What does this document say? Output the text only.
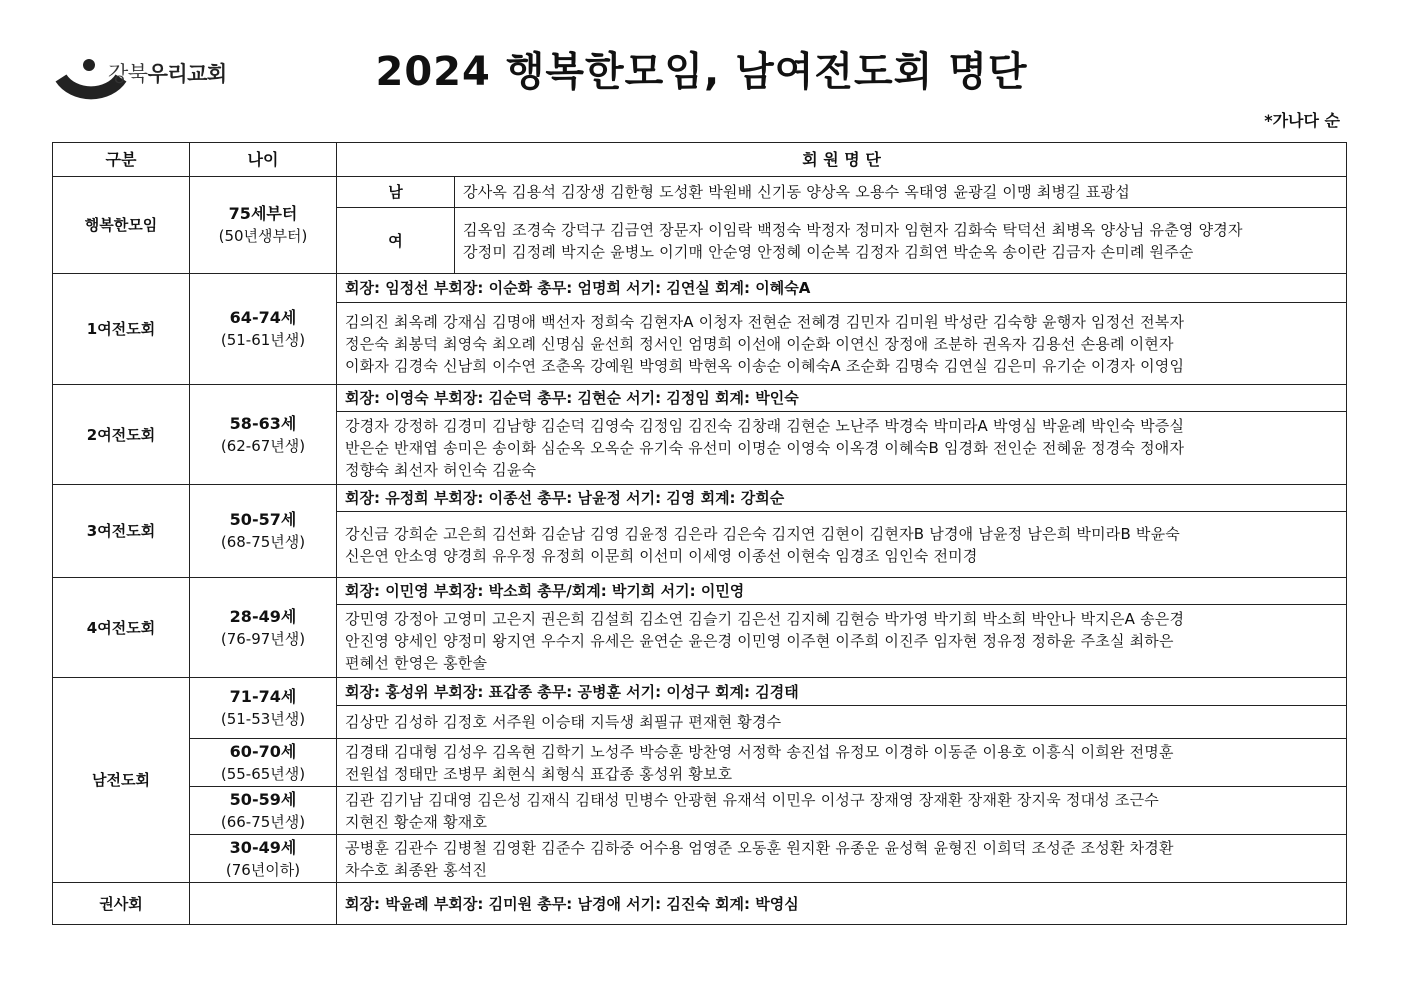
강북우리교회	2024 행복한모임, 남여전도회 명단
*가나다 순
구분	나이	회 원 명 단	
행복한모임	75세부터
(50년생부터)	남	강사옥 김용석 김장생 김한형 도성환 박원배 신기동 양상옥 오용수 옥태영 윤광길 이맹 최병길 표광섭

		여	김옥임 조경숙 강덕구 김금연 장문자 이임락 백정숙 박정자 정미자 임현자 김화숙 탁덕선 최병옥 양상님 유춘영 양경자
강정미 김정례 박지순 윤병노 이기매 안순영 안정혜 이순복 김정자 김희연 박순옥 송이란 김금자 손미례 원주순

1여전도회	64-74세
(51-61년생)	회장: 임정선 부회장: 이순화 총무: 엄명희 서기: 김연실 회계: 이혜숙A	

		김의진 최옥례 강재심 김명애 백선자 정희숙 김현자A 이청자 전현순 전혜경 김민자 김미원 박성란 김숙향 윤행자 임정선 전복자
정은숙 최봉덕 최영숙 최오례 신명심 윤선희 정서인 엄명희 이선애 이순화 이연신 장정애 조분하 권옥자 김용선 손용례 이현자
이화자 김경숙 신남희 이수연 조춘옥 강예원 박영희 박현옥 이송순 이혜숙A 조순화 김명숙 김연실 김은미 유기순 이경자 이영임	

2여전도회	58-63세
(62-67년생)	회장: 이영숙 부회장: 김순덕 총무: 김현순 서기: 김정임 회계: 박인숙	

		강경자 강정하 김경미 김남향 김순덕 김영숙 김정임 김진숙 김창래 김현순 노난주 박경숙 박미라A 박영심 박윤례 박인숙 박증실
반은순 반재엽 송미은 송이화 심순옥 오옥순 유기숙 유선미 이명순 이영숙 이옥경 이혜숙B 임경화 전인순 전혜윤 정경숙 정애자
정향숙 최선자 허인숙 김윤숙	

3여전도회	50-57세
(68-75년생)	회장: 유정희 부회장: 이종선 총무: 남윤정 서기: 김영 회계: 강희순	

		강신금 강희순 고은희 김선화 김순남 김영 김윤정 김은라 김은숙 김지연 김현이 김현자B 남경애 남윤정 남은희 박미라B 박윤숙
신은연 안소영 양경희 유우정 유정희 이문희 이선미 이세영 이종선 이현숙 임경조 임인숙 전미경	

4여전도회	28-49세
(76-97년생)	회장: 이민영 부회장: 박소희 총무/회계: 박기희 서기: 이민영	

		강민영 강정아 고영미 고은지 권은희 김설희 김소연 김슬기 김은선 김지혜 김현승 박가영 박기희 박소희 박안나 박지은A 송은경
안진영 양세인 양정미 왕지연 우수지 유세은 윤연순 윤은경 이민영 이주현 이주희 이진주 임자현 정유정 정하윤 주초실 최하은
편혜선 한영은 홍한솔	

남전도회	71-74세
(51-53년생)	회장: 홍성위 부회장: 표갑종 총무: 공병훈 서기: 이성구 회계: 김경태	

		김상만 김성하 김정호 서주원 이승태 지득생 최필규 편재현 황경수	

	60-70세
(55-65년생)	김경태 김대형 김성우 김옥현 김학기 노성주 박승훈 방찬영 서정학 송진섭 유정모 이경하 이동준 이용호 이흥식 이희완 전명훈
전원섭 정태만 조병무 최현식 최형식 표갑종 홍성위 황보호	

	50-59세
(66-75년생)	김관 김기남 김대영 김은성 김재식 김태성 민병수 안광현 유재석 이민우 이성구 장재영 장재환 장재환 장지욱 정대성 조근수
지현진 황순재 황재호	

	30-49세
(76년이하)	공병훈 김관수 김병철 김영환 김준수 김하중 어수용 엄영준 오동훈 원지환 유종운 윤성혁 윤형진 이희덕 조성준 조성환 차경환
차수호 최종완 홍석진	

권사회		회장: 박윤례 부회장: 김미원 총무: 남경애 서기: 김진숙 회계: 박영심	
